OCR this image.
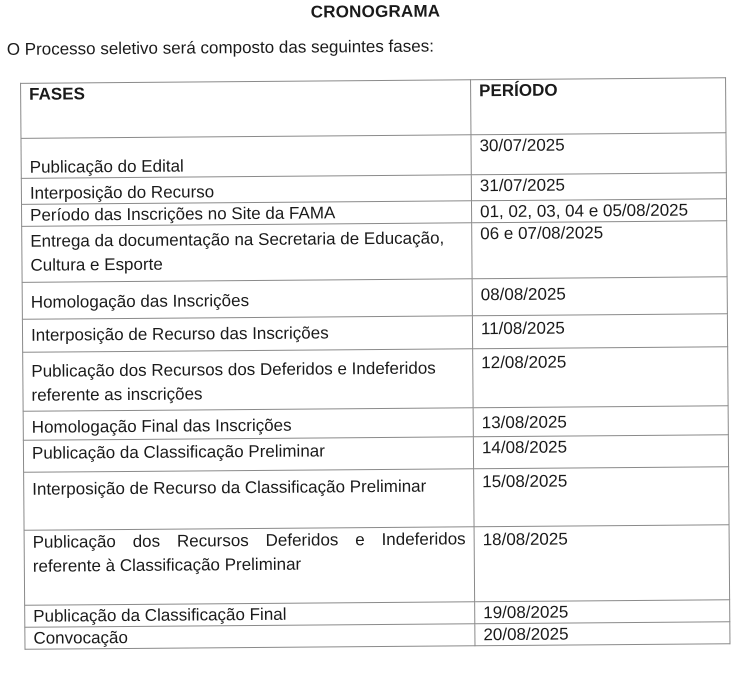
CRONOGRAMA
O Processo seletivo será composto das seguintes fases:
FASES	PERÍODO
Publicação do Edital	30/07/2025
Interposição do Recurso	31/07/2025
Período das Inscrições no Site da FAMA	01, 02, 03, 04 e 05/08/2025
Entrega da documentação na Secretaria de Educação, Cultura e Esporte	06 e 07/08/2025
Homologação das Inscrições	08/08/2025
Interposição de Recurso das Inscrições	11/08/2025
Publicação dos Recursos dos Deferidos e Indeferidos referente as inscrições	12/08/2025
Homologação Final das Inscrições	13/08/2025
Publicação da Classificação Preliminar	14/08/2025
Interposição de Recurso da Classificação Preliminar	15/08/2025
Publicação dos Recursos Deferidos e Indeferidos referente à Classificação Preliminar	18/08/2025
Publicação da Classificação Final	19/08/2025
Convocação	20/08/2025
